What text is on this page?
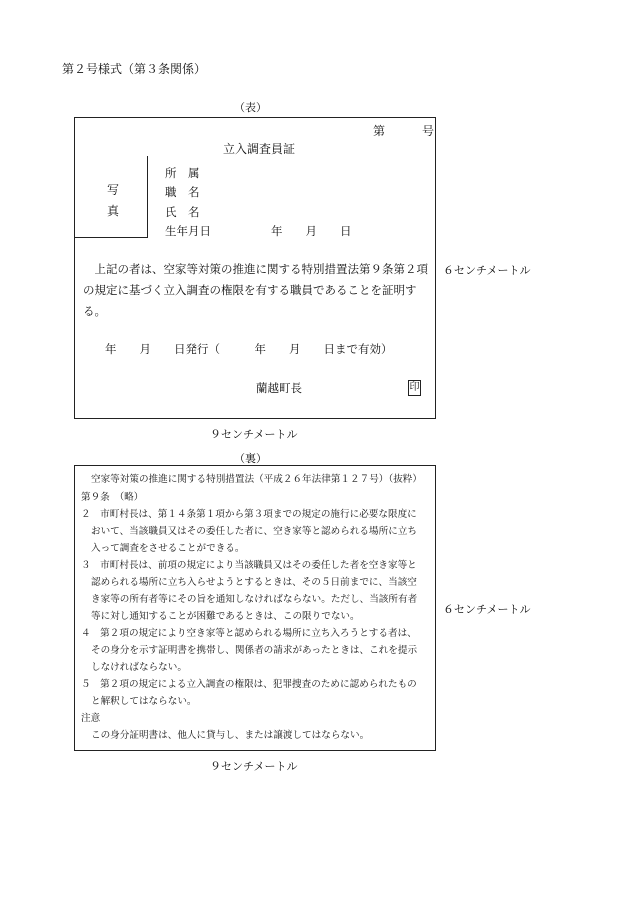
第２号様式（第３条関係）
（表）
第	号
立入調査員証
写
真
所　属
職　名
氏　名
生年月日	年　　月　　日
上記の者は、空家等対策の推進に関する特別措置法第９条第２項の規定に基づく立入調査の権限を有する職員であることを証明する。
年　　月　　日発行（　　　年　　月　　日まで有効）
蘭越町長	印
６センチメートル
９センチメートル
（裏）
空家等対策の推進に関する特別措置法（平成２６年法律第１２７号）（抜粋）
第９条　（略）
２　市町村長は、第１４条第１項から第３項までの規定の施行に必要な限度に
おいて、当該職員又はその委任した者に、空き家等と認められる場所に立ち
入って調査をさせることができる。
３　市町村長は、前項の規定により当該職員又はその委任した者を空き家等と
認められる場所に立ち入らせようとするときは、その５日前までに、当該空
き家等の所有者等にその旨を通知しなければならない。ただし、当該所有者
等に対し通知することが困難であるときは、この限りでない。
４　第２項の規定により空き家等と認められる場所に立ち入ろうとする者は、
その身分を示す証明書を携帯し、関係者の請求があったときは、これを提示
しなければならない。
５　第２項の規定による立入調査の権限は、犯罪捜査のために認められたもの
と解釈してはならない。
注意
この身分証明書は、他人に貸与し、または譲渡してはならない。
６センチメートル
９センチメートル
